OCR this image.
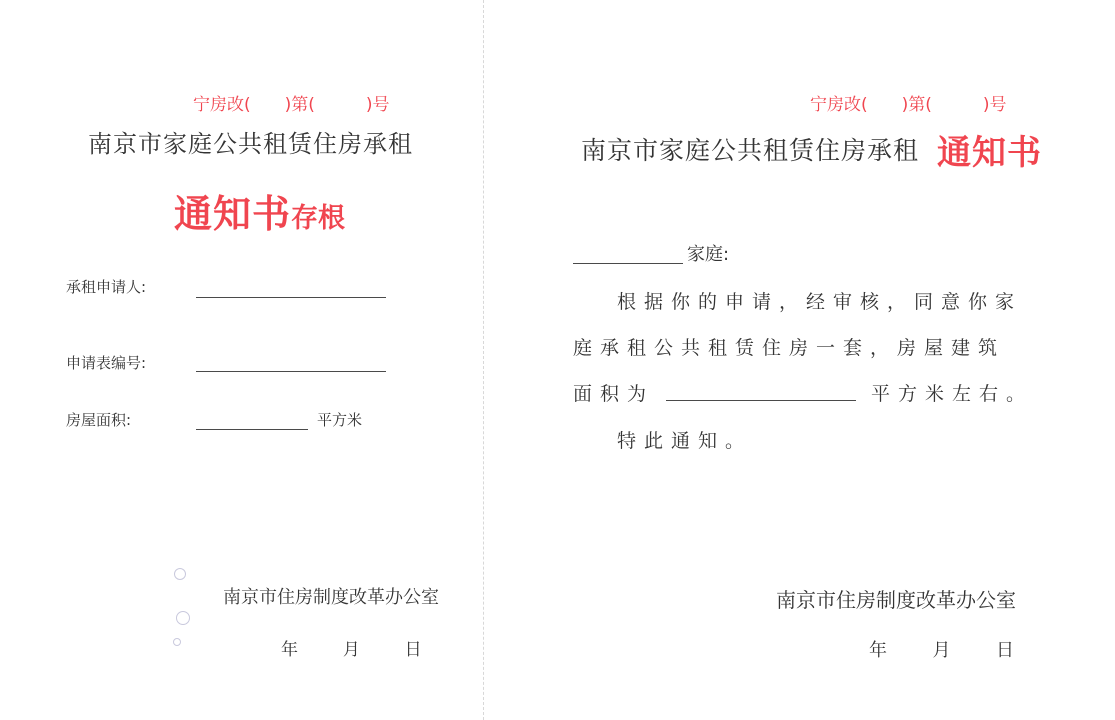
宁房改(　　)第(　　　)号
南京市家庭公共租赁住房承租
通知书存根
承租申请人:
申请表编号:
房屋面积:	平方米
南京市住房制度改革办公室
年	月	日
宁房改(　　)第(　　　)号
南京市家庭公共租赁住房承租 通知书
家庭:
根据你的申请，经审核，同意你家
庭承租公共租赁住房一套，房屋建筑
面积为	平方米左右。
特此通知。
南京市住房制度改革办公室
年	月	日
